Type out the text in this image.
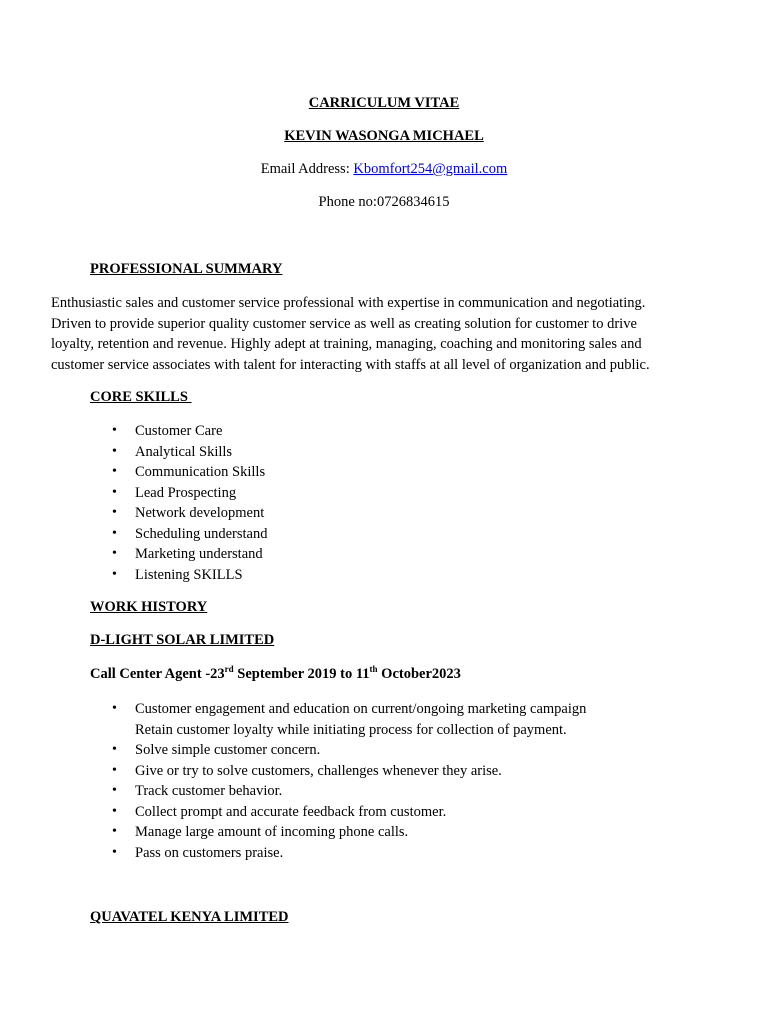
CARRICULUM VITAE
KEVIN WASONGA MICHAEL
Email Address: Kbomfort254@gmail.com
Phone no:0726834615
PROFESSIONAL SUMMARY

Enthusiastic sales and customer service professional with expertise in communication and negotiating.
Driven to provide superior quality customer service as well as creating solution for customer to drive
loyalty, retention and revenue. Highly adept at training, managing, coaching and monitoring sales and
customer service associates with talent for interacting with staffs at all level of organization and public.

CORE SKILLS
• Customer Care
• Analytical Skills
• Communication Skills
• Lead Prospecting
• Network development
• Scheduling understand
• Marketing understand
• Listening SKILLS
WORK HISTORY
D-LIGHT SOLAR LIMITED
Call Center Agent -23rd September 2019 to 11th October2023
• Customer engagement and education on current/ongoing marketing campaign
Retain customer loyalty while initiating process for collection of payment.
• Solve simple customer concern.
• Give or try to solve customers, challenges whenever they arise.
• Track customer behavior.
• Collect prompt and accurate feedback from customer.
• Manage large amount of incoming phone calls.
• Pass on customers praise.
QUAVATEL KENYA LIMITED
